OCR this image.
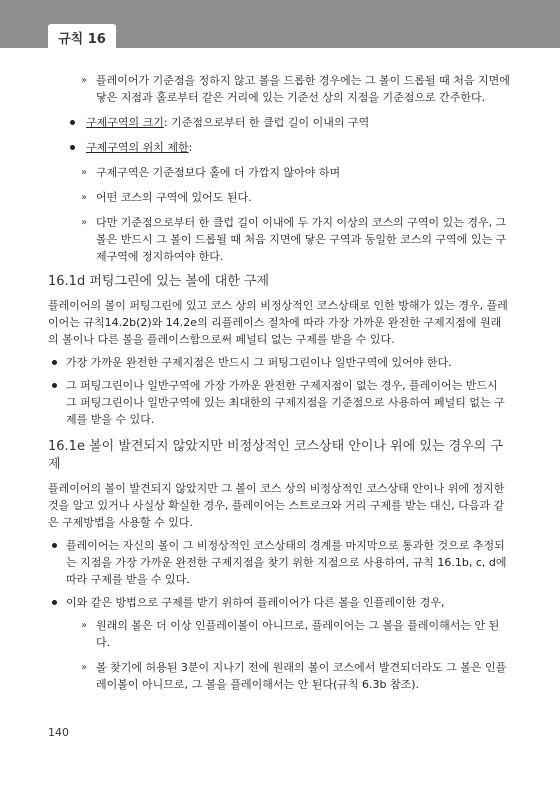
규칙 16
» 플레이어가 기준점을 정하지 않고 볼을 드롭한 경우에는 그 볼이 드롭될 때 처음 지면에 닿은 지점과 홀로부터 같은 거리에 있는 기준선 상의 지점을 기준점으로 간주한다.
구제구역의 크기: 기준점으로부터 한 클럽 길이 이내의 구역
구제구역의 위치 제한:
» 구제구역은 기준점보다 홀에 더 가깝지 않아야 하며
» 어떤 코스의 구역에 있어도 된다.
» 다만 기준점으로부터 한 클럽 길이 이내에 두 가지 이상의 코스의 구역이 있는 경우, 그 볼은 반드시 그 볼이 드롭될 때 처음 지면에 닿은 구역과 동일한 코스의 구역에 있는 구제구역에 정지하여야 한다.
16.1d 퍼팅그린에 있는 볼에 대한 구제
플레이어의 볼이 퍼팅그린에 있고 코스 상의 비정상적인 코스상태로 인한 방해가 있는 경우, 플레이어는 규칙14.2b(2)와 14.2e의 리플레이스 절차에 따라 가장 가까운 완전한 구제지점에 원래의 볼이나 다른 볼을 플레이스함으로써 페널티 없는 구제를 받을 수 있다.
가장 가까운 완전한 구제지점은 반드시 그 퍼팅그린이나 일반구역에 있어야 한다.
그 퍼팅그린이나 일반구역에 가장 가까운 완전한 구제지점이 없는 경우, 플레이어는 반드시 그 퍼팅그린이나 일반구역에 있는 최대한의 구제지점을 기준점으로 사용하여 페널티 없는 구제를 받을 수 있다.
16.1e 볼이 발견되지 않았지만 비정상적인 코스상태 안이나 위에 있는 경우의 구제
플레이어의 볼이 발견되지 않았지만 그 볼이 코스 상의 비정상적인 코스상태 안이나 위에 정지한 것을 알고 있거나 사실상 확실한 경우, 플레이어는 스트로크와 거리 구제를 받는 대신, 다음과 같은 구제방법을 사용할 수 있다.
플레이어는 자신의 볼이 그 비정상적인 코스상태의 경계를 마지막으로 통과한 것으로 추정되는 지점을 가장 가까운 완전한 구제지점을 찾기 위한 지점으로 사용하여, 규칙 16.1b, c, d에 따라 구제를 받을 수 있다.
이와 같은 방법으로 구제를 받기 위하여 플레이어가 다른 볼을 인플레이한 경우,
» 원래의 볼은 더 이상 인플레이볼이 아니므로, 플레이어는 그 볼을 플레이해서는 안 된다.
» 볼 찾기에 허용된 3분이 지나기 전에 원래의 볼이 코스에서 발견되더라도 그 볼은 인플레이볼이 아니므로, 그 볼을 플레이해서는 안 된다(규칙 6.3b 참조).
140
